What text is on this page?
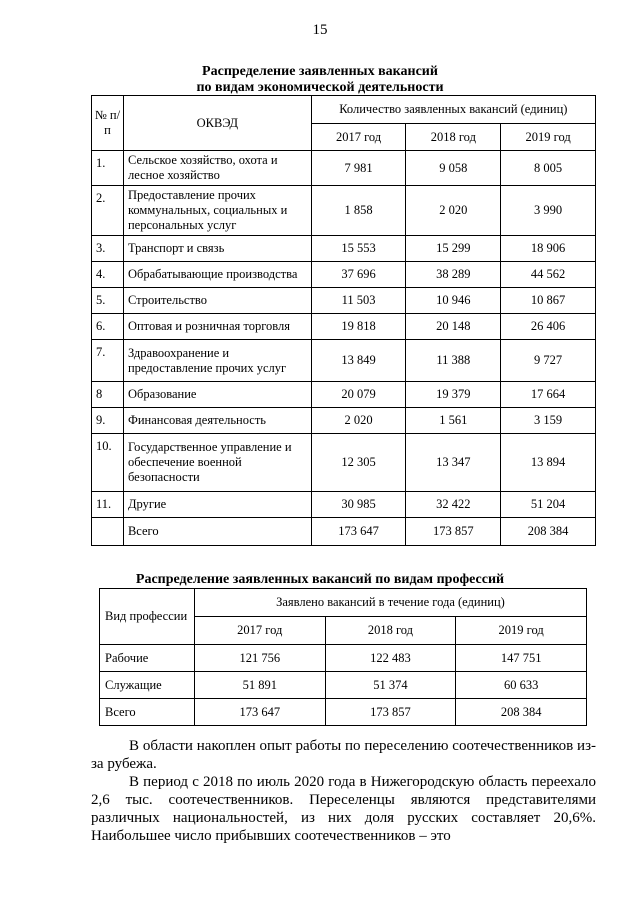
15
Распределение заявленных вакансий
по видам экономической деятельности
№ п/п	ОКВЭД	Количество заявленных вакансий (единиц)		
		2017 год	2018 год	2019 год
1.	Сельское хозяйство, охота и лесное хозяйство	7 981	9 058	8 005
2.	Предоставление прочих коммунальных, социальных и персональных услуг	1 858	2 020	3 990
3.	Транспорт и связь	15 553	15 299	18 906
4.	Обрабатывающие производства	37 696	38 289	44 562
5.	Строительство	11 503	10 946	10 867
6.	Оптовая и розничная торговля	19 818	20 148	26 406
7.	Здравоохранение и предоставление прочих услуг	13 849	11 388	9 727
8	Образование	20 079	19 379	17 664
9.	Финансовая деятельность	2 020	1 561	3 159
10.	Государственное управление и обеспечение военной безопасности	12 305	13 347	13 894
11.	Другие	30 985	32 422	51 204
	Всего	173 647	173 857	208 384
Распределение заявленных вакансий по видам профессий
Вид профессии	Заявлено вакансий в течение года (единиц)		
	2017 год	2018 год	2019 год
Рабочие	121 756	122 483	147 751
Служащие	51 891	51 374	60 633
Всего	173 647	173 857	208 384

В области накоплен опыт работы по переселению соотечественников из-за рубежа.

В период с 2018 по июль 2020 года в Нижегородскую область переехало 2,6 тыс. соотечественников. Переселенцы являются представителями различных национальностей, из них доля русских составляет 20,6%. Наибольшее число прибывших соотечественников – это
